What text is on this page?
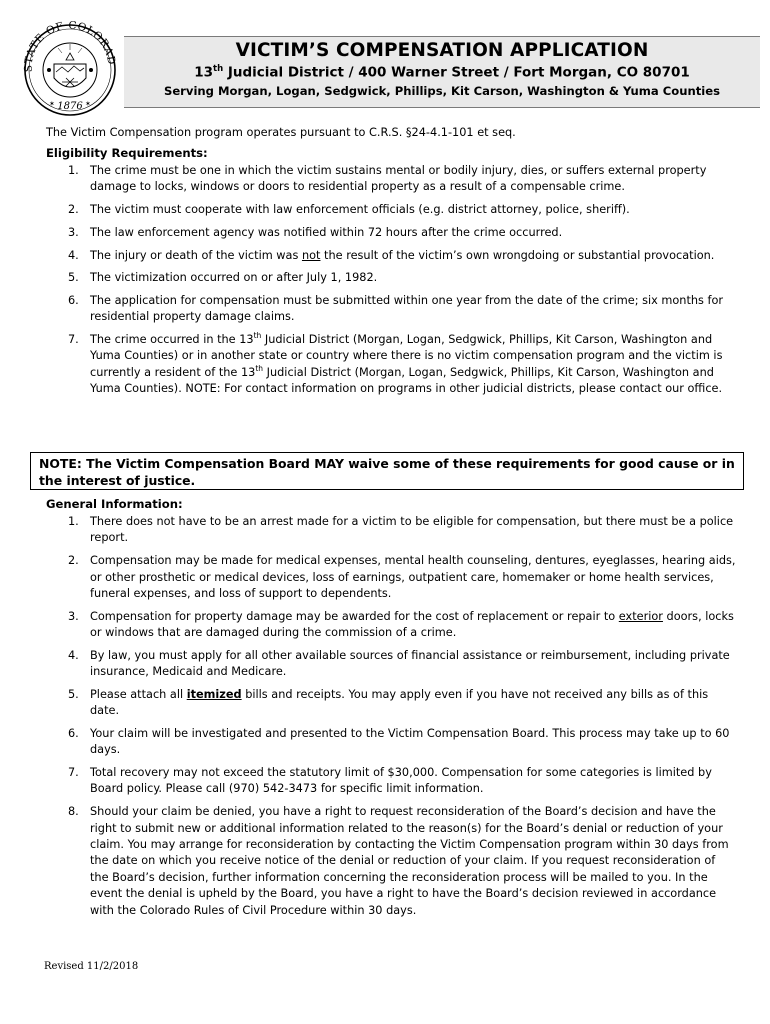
STATE OF COLORAD
1876
✶	✶
VICTIM’S COMPENSATION APPLICATION
13th Judicial District / 400 Warner Street / Fort Morgan, CO 80701
Serving Morgan, Logan, Sedgwick, Phillips, Kit Carson, Washington & Yuma Counties
The Victim Compensation program operates pursuant to C.R.S. §24-4.1-101 et seq.
Eligibility Requirements:
1. The crime must be one in which the victim sustains mental or bodily injury, dies, or suffers external property damage to locks, windows or doors to residential property as a result of a compensable crime.
2. The victim must cooperate with law enforcement officials (e.g. district attorney, police, sheriff).
3. The law enforcement agency was notified within 72 hours after the crime occurred.
4. The injury or death of the victim was not the result of the victim’s own wrongdoing or substantial provocation.
5. The victimization occurred on or after July 1, 1982.
6. The application for compensation must be submitted within one year from the date of the crime; six months for residential property damage claims.
7. The crime occurred in the 13th Judicial District (Morgan, Logan, Sedgwick, Phillips, Kit Carson, Washington and Yuma Counties) or in another state or country where there is no victim compensation program and the victim is currently a resident of the 13th Judicial District (Morgan, Logan, Sedgwick, Phillips, Kit Carson, Washington and Yuma Counties). NOTE: For contact information on programs in other judicial districts, please contact our office.
NOTE: The Victim Compensation Board MAY waive some of these requirements for good cause or in the interest of justice.
General Information:
1. There does not have to be an arrest made for a victim to be eligible for compensation, but there must be a police report.
2. Compensation may be made for medical expenses, mental health counseling, dentures, eyeglasses, hearing aids, or other prosthetic or medical devices, loss of earnings, outpatient care, homemaker or home health services, funeral expenses, and loss of support to dependents.
3. Compensation for property damage may be awarded for the cost of replacement or repair to exterior doors, locks or windows that are damaged during the commission of a crime.
4. By law, you must apply for all other available sources of financial assistance or reimbursement, including private insurance, Medicaid and Medicare.
5. Please attach all itemized bills and receipts. You may apply even if you have not received any bills as of this date.
6. Your claim will be investigated and presented to the Victim Compensation Board. This process may take up to 60 days.
7. Total recovery may not exceed the statutory limit of $30,000. Compensation for some categories is limited by Board policy. Please call (970) 542-3473 for specific limit information.
8. Should your claim be denied, you have a right to request reconsideration of the Board’s decision and have the right to submit new or additional information related to the reason(s) for the Board’s denial or reduction of your claim. You may arrange for reconsideration by contacting the Victim Compensation program within 30 days from the date on which you receive notice of the denial or reduction of your claim. If you request reconsideration of the Board’s decision, further information concerning the reconsideration process will be mailed to you. In the event the denial is upheld by the Board, you have a right to have the Board’s decision reviewed in accordance with the Colorado Rules of Civil Procedure within 30 days.
Revised 11/2/2018
